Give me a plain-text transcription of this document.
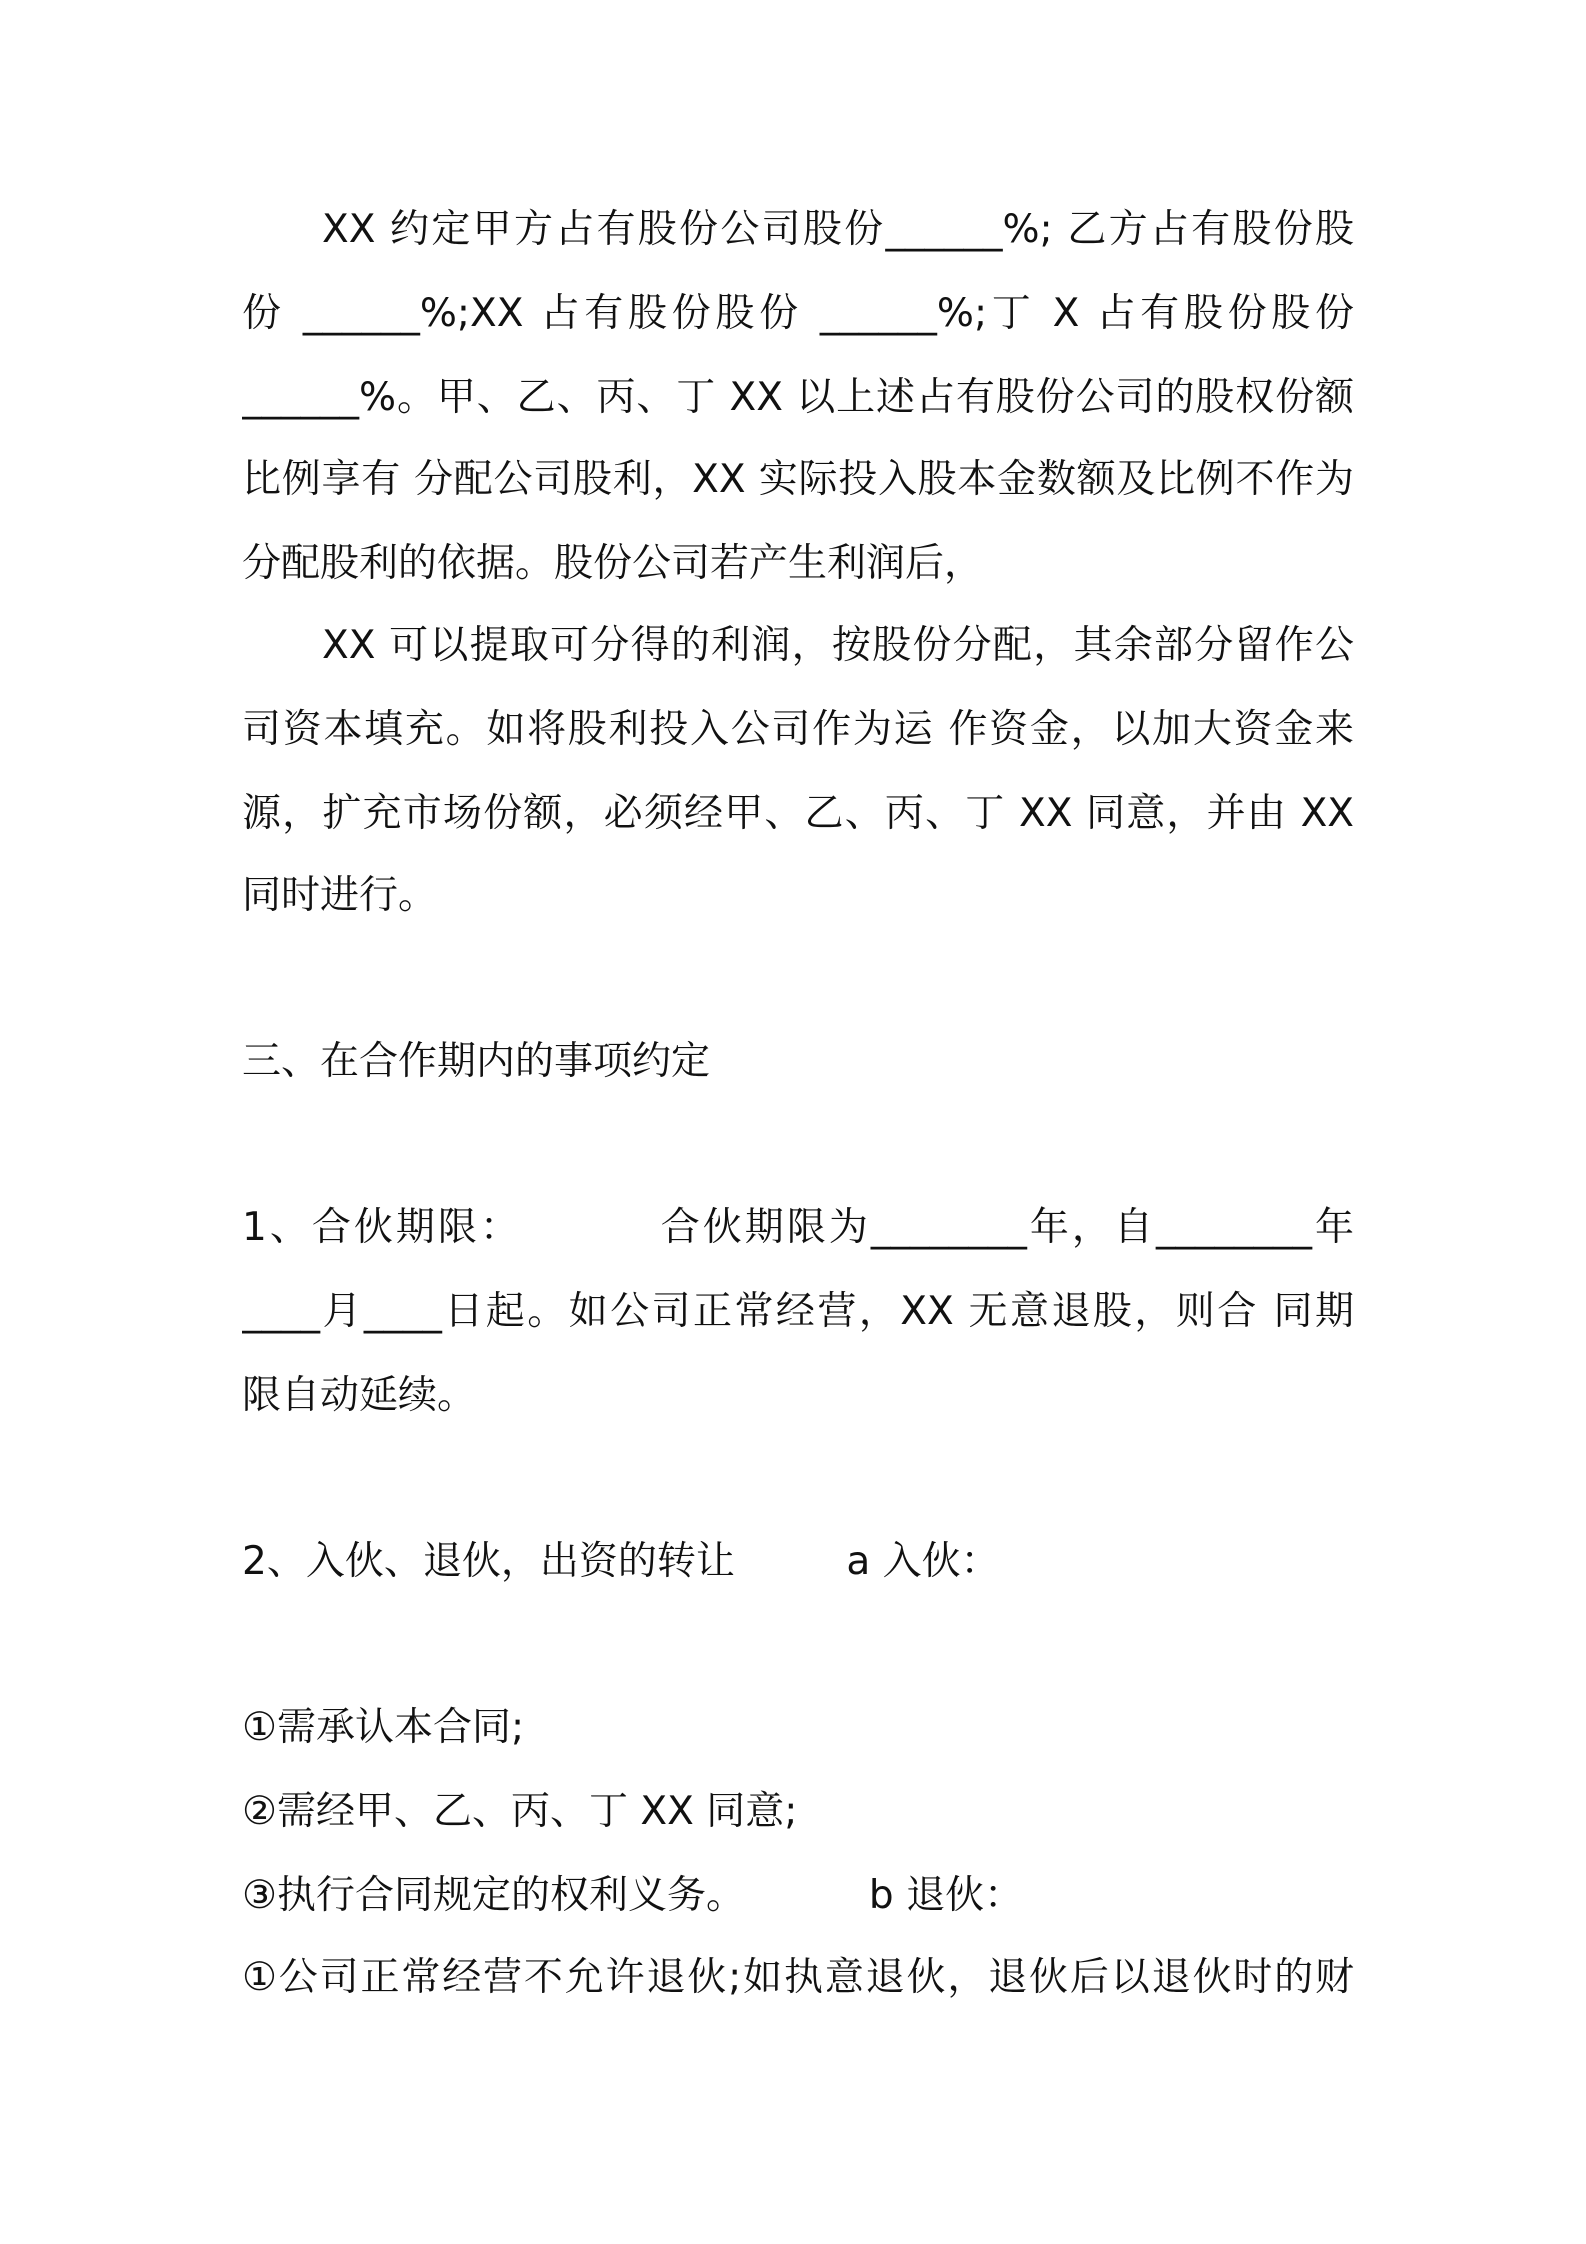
XX 约定甲方占有股份公司股份______%; 乙方占有股份股
份 ______%;XX 占有股份股份 ______%;丁 X 占有股份股份
______%。甲、乙、丙、丁 XX 以上述占有股份公司的股权份额
比例享有 分配公司股利，XX 实际投入股本金数额及比例不作为
分配股利的依据。股份公司若产生利润后，
XX 可以提取可分得的利润，按股份分配，其余部分留作公
司资本填充。如将股利投入公司作为运 作资金，以加大资金来
源，扩充市场份额，必须经甲、乙、丙、丁 XX 同意，并由 XX
同时进行。
三、在合作期内的事项约定
1、合伙期限：         合伙期限为________年，自________年
____月____日起。如公司正常经营，XX 无意退股，则合 同期
限自动延续。
2、入伙、退伙，出资的转让         a 入伙：
①需承认本合同;
②需经甲、乙、丙、丁 XX 同意;
③执行合同规定的权利义务。          b 退伙：
①公司正常经营不允许退伙;如执意退伙，退伙后以退伙时的财
